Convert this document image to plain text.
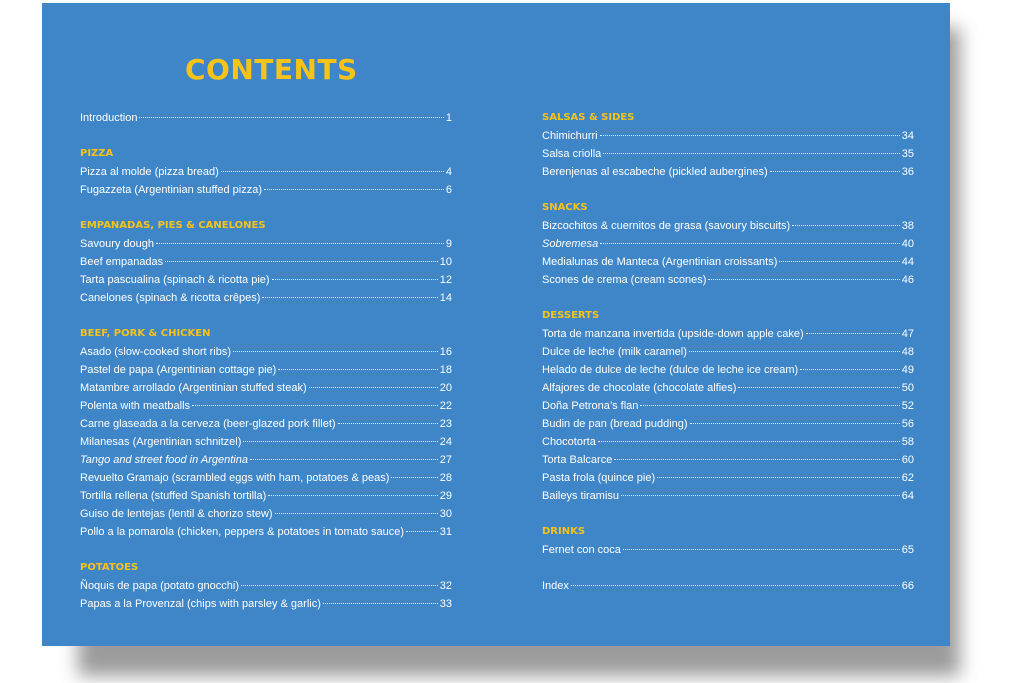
CONTENTS
Introduction	1
PIZZA
Pizza al molde (pizza bread)	4
Fugazzeta (Argentinian stuffed pizza)	6
EMPANADAS, PIES & CANELONES
Savoury dough	9
Beef empanadas	10
Tarta pascualina (spinach & ricotta pie)	12
Canelones (spinach & ricotta crêpes)	14
BEEF, PORK & CHICKEN
Asado (slow-cooked short ribs)	16
Pastel de papa (Argentinian cottage pie)	18
Matambre arrollado (Argentinian stuffed steak)	20
Polenta with meatballs	22
Carne glaseada a la cerveza (beer-glazed pork fillet)	23
Milanesas (Argentinian schnitzel)	24
Tango and street food in Argentina	27
Revuelto Gramajo (scrambled eggs with ham, potatoes & peas)	28
Tortilla rellena (stuffed Spanish tortilla)	29
Guiso de lentejas (lentil & chorizo stew)	30
Pollo a la pomarola (chicken, peppers & potatoes in tomato sauce)	31
POTATOES
Ñoquis de papa (potato gnocchi)	32
Papas a la Provenzal (chips with parsley & garlic)	33
SALSAS & SIDES
Chimichurri	34
Salsa criolla	35
Berenjenas al escabeche (pickled aubergines)	36
SNACKS
Bizcochitos & cuernitos de grasa (savoury biscuits)	38
Sobremesa	40
Medialunas de Manteca (Argentinian croissants)	44
Scones de crema (cream scones)	46
DESSERTS
Torta de manzana invertida (upside-down apple cake)	47
Dulce de leche (milk caramel)	48
Helado de dulce de leche (dulce de leche ice cream)	49
Alfajores de chocolate (chocolate alfies)	50
Doña Petrona’s flan	52
Budin de pan (bread pudding)	56
Chocotorta	58
Torta Balcarce	60
Pasta frola (quince pie)	62
Baileys tiramisu	64
DRINKS
Fernet con coca	65
Index	66
